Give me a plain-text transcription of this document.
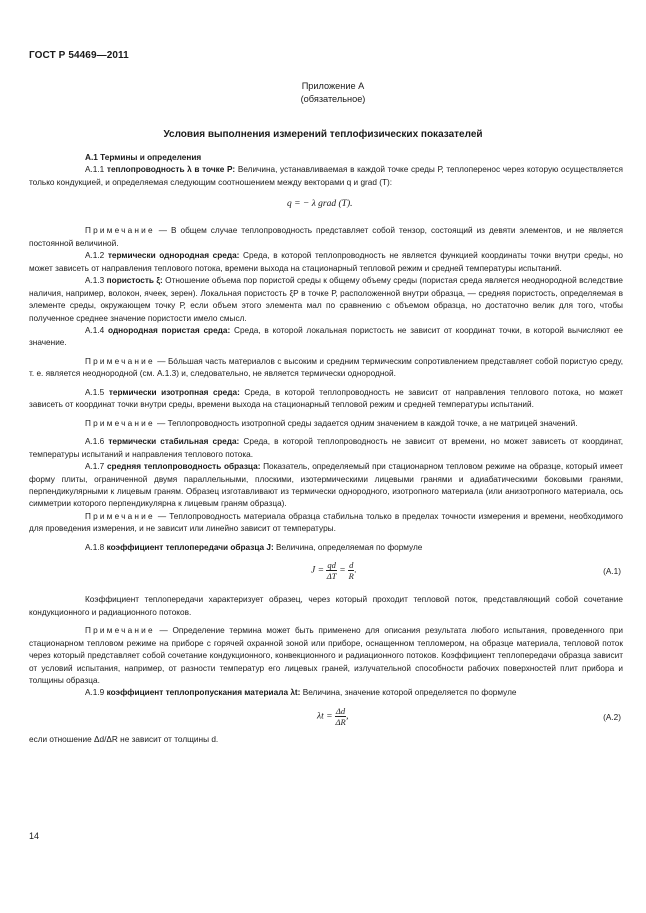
ГОСТ Р 54469—2011
Приложение А
(обязательное)
Условия выполнения измерений теплофизических показателей

А.1 Термины и определения

А.1.1 теплопроводность λ в точке Р: Величина, устанавливаемая в каждой точке среды Р, теплоперенос через которую осуществляется только кондукцией, и определяемая следующим соотношением между векторами q и grad (Т):

q = − λ grad (T).

Примечание — В общем случае теплопроводность представляет собой тензор, состоящий из девяти элементов, и не является постоянной величиной.

А.1.2 термически однородная среда: Среда, в которой теплопроводность не является функцией координаты точки внутри среды, но может зависеть от направления теплового потока, времени выхода на стационарный тепловой режим и средней температуры испытаний.

А.1.3 пористость ξ: Отношение объема пор пористой среды к общему объему среды (пористая среда является неоднородной вследствие наличия, например, волокон, ячеек, зерен). Локальная пористость ξP в точке Р, расположенной внутри образца, — средняя пористость, определяемая в элементе среды, окружающем точку Р, если объем этого элемента мал по сравнению с объемом образца, но достаточно велик для того, чтобы полученное среднее значение пористости имело смысл.

А.1.4 однородная пористая среда: Среда, в которой локальная пористость не зависит от координат точки, в которой вычисляют ее значение.

Примечание — Бóльшая часть материалов с высоким и средним термическим сопротивлением представляет собой пористую среду, т. е. является неоднородной (см. А.1.3) и, следовательно, не является термически однородной.

А.1.5 термически изотропная среда: Среда, в которой теплопроводность не зависит от направления теплового потока, но может зависеть от координат точки внутри среды, времени выхода на стационарный тепловой режим и средней температуры испытаний.

Примечание — Теплопроводность изотропной среды задается одним значением в каждой точке, а не матрицей значений.

А.1.6 термически стабильная среда: Среда, в которой теплопроводность не зависит от времени, но может зависеть от координат, температуры испытаний и направления теплового потока.

А.1.7 средняя теплопроводность образца: Показатель, определяемый при стационарном тепловом режиме на образце, который имеет форму плиты, ограниченной двумя параллельными, плоскими, изотермическими лицевыми гранями и адиабатическими боковыми гранями, перпендикулярными к лицевым граням. Образец изготавливают из термически однородного, изотропного материала (или анизотропного материала, ось симметрии которого перпендикулярна к лицевым граням образца).

Примечание — Теплопроводность материала образца стабильна только в пределах точности измерения и времени, необходимого для проведения измерения, и не зависит или линейно зависит от температуры.

А.1.8 коэффициент теплопередачи образца J: Величина, определяемая по формуле

$J = \frac{qd}{\Delta T} = \frac{d}{R}$ .	(А.1)

Коэффициент теплопередачи характеризует образец, через который проходит тепловой поток, представляющий собой сочетание кондукционного и радиационного потоков.

Примечание — Определение термина может быть применено для описания результата любого испытания, проведенного при стационарном тепловом режиме на приборе с горячей охранной зоной или приборе, оснащенном тепломером, на образце материала, тепловой поток через который представляет собой сочетание кондукционного, конвекционного и радиационного потоков. Коэффициент теплопередачи образца зависит от условий испытания, например, от разности температур его лицевых граней, излучательной способности рабочих поверхностей плит прибора и толщины образца.

А.1.9 коэффициент теплопропускания материала λt: Величина, значение которой определяется по формуле

$\lambda t = \frac{\Delta d}{\Delta R}$ ,	(А.2)

если отношение Δd/ΔR не зависит от толщины d.

14
